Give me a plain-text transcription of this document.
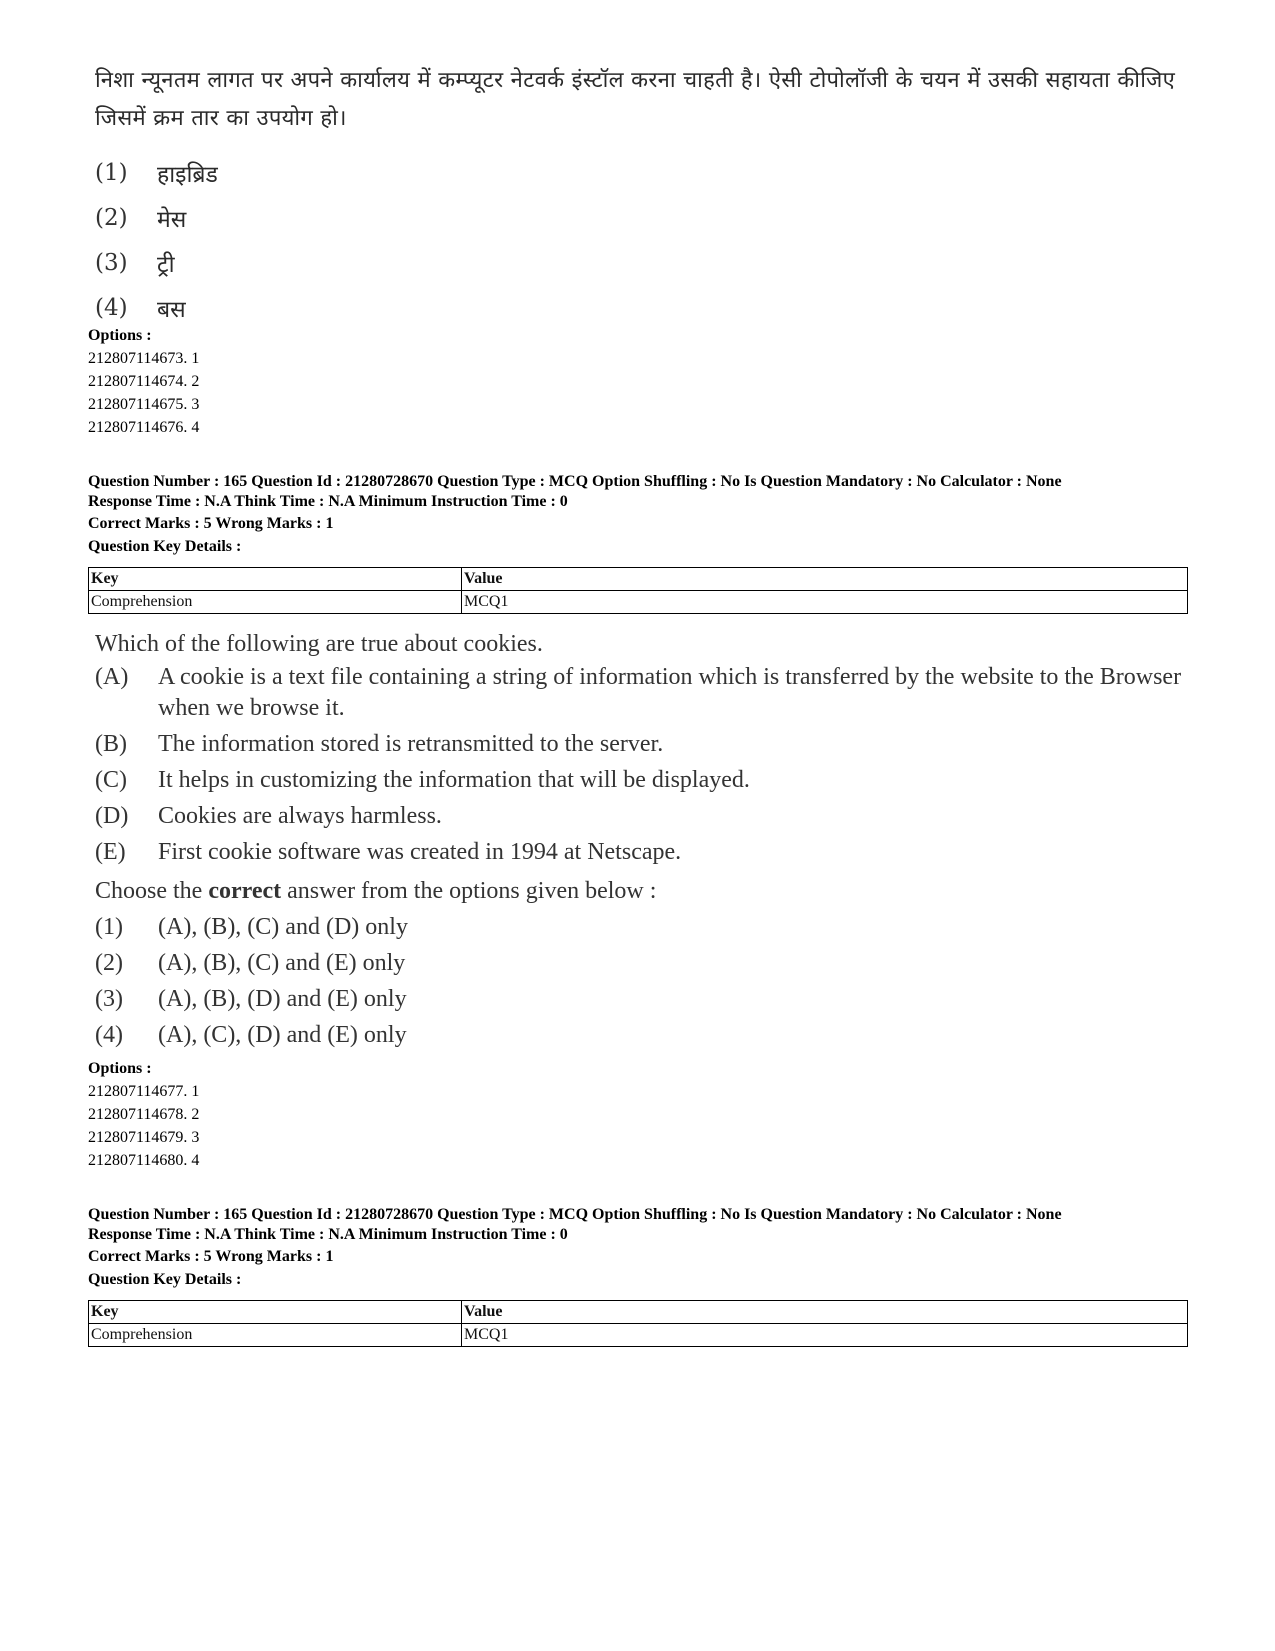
निशा न्यूनतम लागत पर अपने कार्यालय में कम्प्यूटर नेटवर्क इंस्टॉल करना चाहती है। ऐसी टोपोलॉजी के चयन में उसकी सहायता कीजिए जिसमें क्रम तार का उपयोग हो।
(1)	हाइब्रिड
(2)	मेस
(3)	ट्री
(4)	बस
Options :
212807114673. 1
212807114674. 2
212807114675. 3
212807114676. 4
Question Number : 165 Question Id : 21280728670 Question Type : MCQ Option Shuffling : No Is Question Mandatory : No Calculator : None
Response Time : N.A Think Time : N.A Minimum Instruction Time : 0
Correct Marks : 5 Wrong Marks : 1
Question Key Details :
Key	Value
Comprehension	MCQ1
Which of the following are true about cookies.
(A)	A cookie is a text file containing a string of information which is transferred by the website to the Browser when we browse it.
(B)	The information stored is retransmitted to the server.
(C)	It helps in customizing the information that will be displayed.
(D)	Cookies are always harmless.
(E)	First cookie software was created in 1994 at Netscape.
Choose the correct answer from the options given below :
(1)	(A), (B), (C) and (D) only
(2)	(A), (B), (C) and (E) only
(3)	(A), (B), (D) and (E) only
(4)	(A), (C), (D) and (E) only
Options :
212807114677. 1
212807114678. 2
212807114679. 3
212807114680. 4
Question Number : 165 Question Id : 21280728670 Question Type : MCQ Option Shuffling : No Is Question Mandatory : No Calculator : None
Response Time : N.A Think Time : N.A Minimum Instruction Time : 0
Correct Marks : 5 Wrong Marks : 1
Question Key Details :
Key	Value
Comprehension	MCQ1
